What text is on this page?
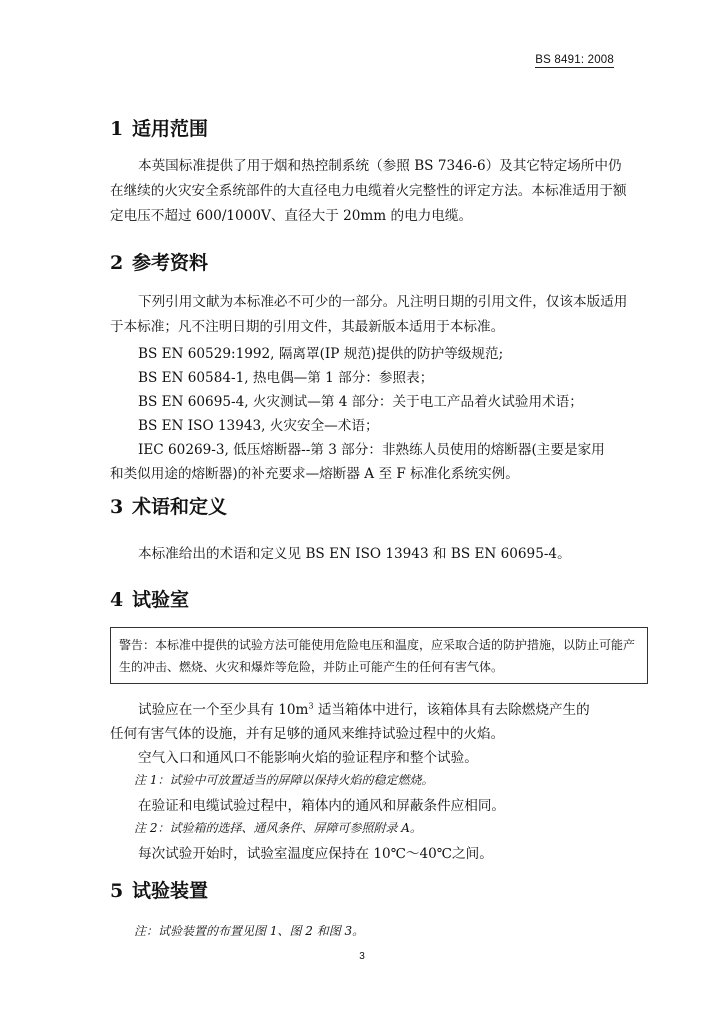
BS 8491: 2008
1 适用范围
本英国标准提供了用于烟和热控制系统（参照 BS 7346-6）及其它特定场所中仍在继续的火灾安全系统部件的大直径电力电缆着火完整性的评定方法。本标准适用于额定电压不超过 600/1000V、直径大于 20mm 的电力电缆。
2 参考资料
下列引用文献为本标准必不可少的一部分。凡注明日期的引用文件，仅该本版适用于本标准；凡不注明日期的引用文件，其最新版本适用于本标准。
BS EN 60529:1992, 隔离罩(IP 规范)提供的防护等级规范;
BS EN 60584-1, 热电偶—第 1 部分：参照表；
BS EN 60695-4, 火灾测试—第 4 部分：关于电工产品着火试验用术语；
BS EN ISO 13943, 火灾安全—术语；
IEC 60269-3, 低压熔断器--第 3 部分：非熟练人员使用的熔断器(主要是家用
和类似用途的熔断器)的补充要求—熔断器 A 至 F 标准化系统实例。
3 术语和定义
本标准给出的术语和定义见 BS EN ISO 13943 和 BS EN 60695-4。
4 试验室
警告：本标准中提供的试验方法可能使用危险电压和温度，应采取合适的防护措施，以防止可能产生的冲击、燃烧、火灾和爆炸等危险，并防止可能产生的任何有害气体。
试验应在一个至少具有 $10m^3$ 适当箱体中进行，该箱体具有去除燃烧产生的
任何有害气体的设施，并有足够的通风来维持试验过程中的火焰。
空气入口和通风口不能影响火焰的验证程序和整个试验。
注 1：试验中可放置适当的屏障以保持火焰的稳定燃烧。
在验证和电缆试验过程中，箱体内的通风和屏蔽条件应相同。
注 2：试验箱的选择、通风条件、屏障可参照附录 A。
每次试验开始时，试验室温度应保持在 10℃～40℃之间。
5 试验装置
注：试验装置的布置见图 1、图 2 和图 3。
3
